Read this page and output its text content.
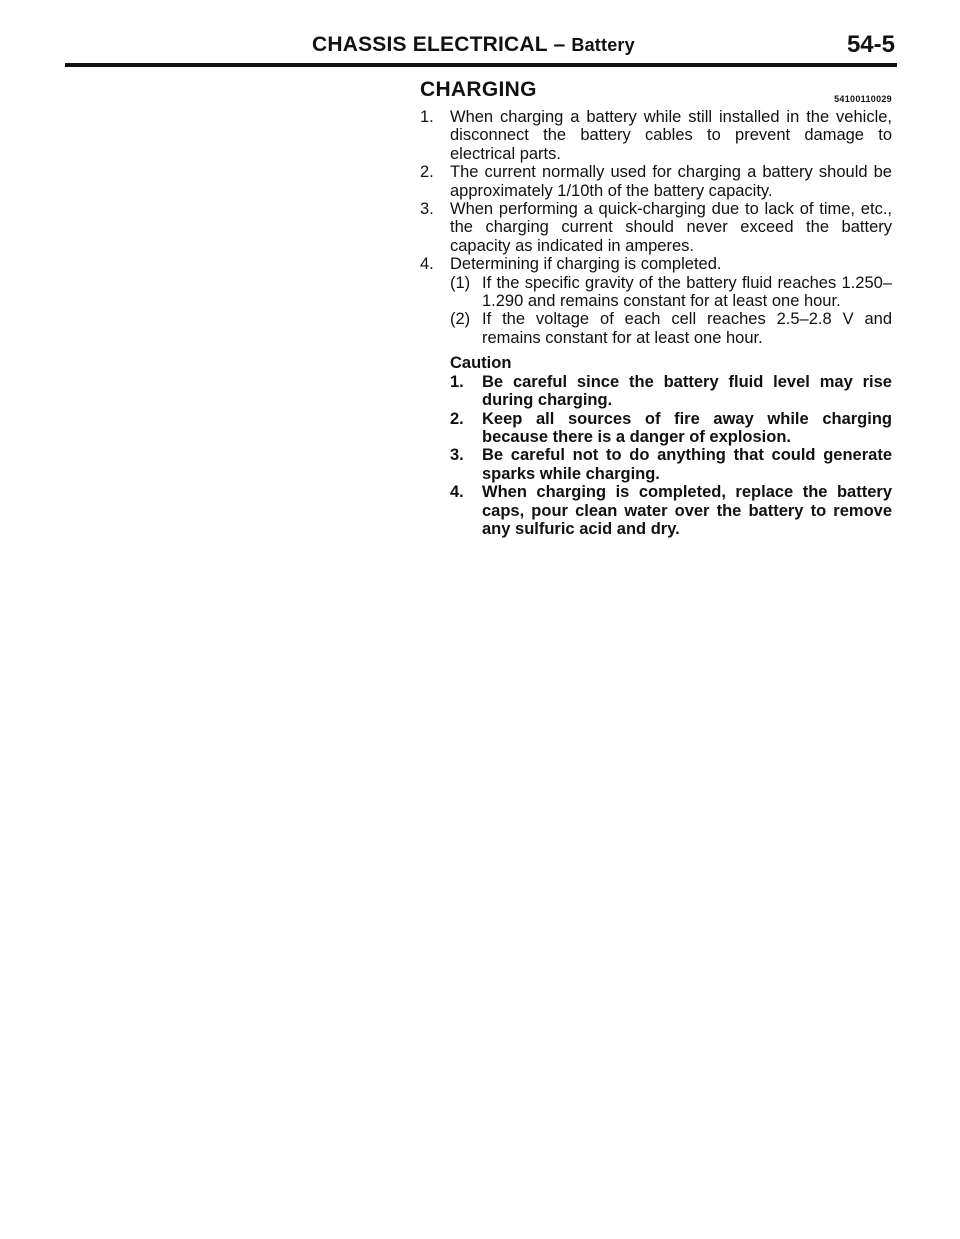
CHASSIS ELECTRICAL – Battery	54-5
CHARGING	54100110029
1. When charging a battery while still installed in the vehicle, disconnect the battery cables to prevent damage to electrical parts.
2. The current normally used for charging a battery should be approximately 1/10th of the battery capacity.
3. When performing a quick-charging due to lack of time, etc., the charging current should never exceed the battery capacity as indicated in amperes.
4. Determining if charging is completed.
(1) If the specific gravity of the battery fluid reaches 1.250–1.290 and remains constant for at least one hour.
(2) If the voltage of each cell reaches 2.5–2.8 V and remains constant for at least one hour.
Caution
1. Be careful since the battery fluid level may rise during charging.
2. Keep all sources of fire away while charging because there is a danger of explosion.
3. Be careful not to do anything that could generate sparks while charging.
4. When charging is completed, replace the battery caps, pour clean water over the battery to remove any sulfuric acid and dry.
